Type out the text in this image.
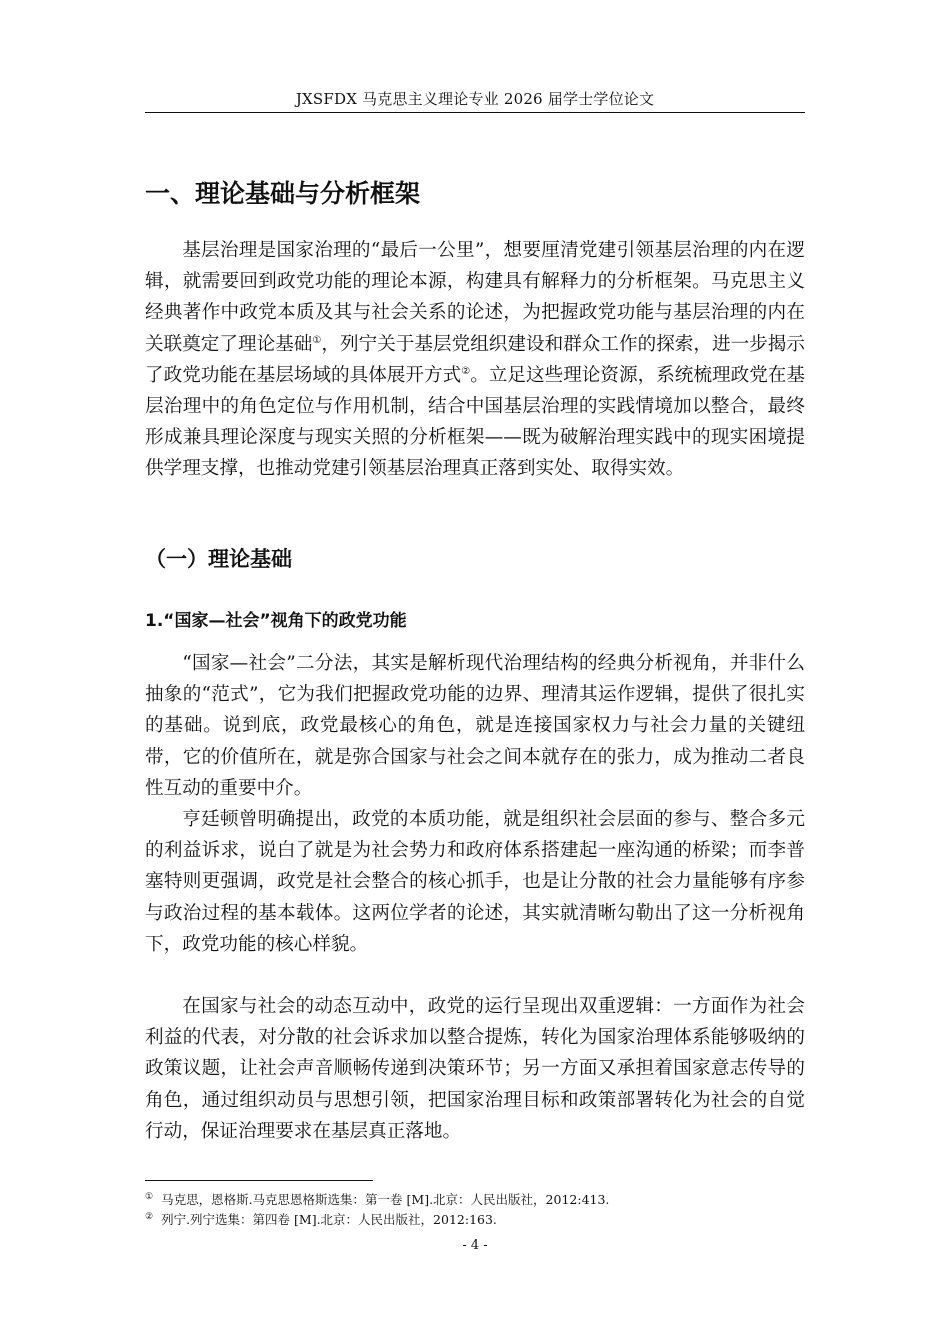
JXSFDX 马克思主义理论专业 2026 届学士学位论文
一、理论基础与分析框架

基层治理是国家治理的“最后一公里”，想要厘清党建引领基层治理的内在逻辑，就需要回到政党功能的理论本源，构建具有解释力的分析框架。马克思主义经典著作中政党本质及其与社会关系的论述，为把握政党功能与基层治理的内在关联奠定了理论基础①，列宁关于基层党组织建设和群众工作的探索，进一步揭示了政党功能在基层场域的具体展开方式②。立足这些理论资源，系统梳理政党在基层治理中的角色定位与作用机制，结合中国基层治理的实践情境加以整合，最终形成兼具理论深度与现实关照的分析框架——既为破解治理实践中的现实困境提供学理支撑，也推动党建引领基层治理真正落到实处、取得实效。

（一）理论基础
1.“国家—社会”视角下的政党功能

“国家—社会”二分法，其实是解析现代治理结构的经典分析视角，并非什么抽象的“范式”，它为我们把握政党功能的边界、理清其运作逻辑，提供了很扎实的基础。说到底，政党最核心的角色，就是连接国家权力与社会力量的关键纽带，它的价值所在，就是弥合国家与社会之间本就存在的张力，成为推动二者良性互动的重要中介。

亨廷顿曾明确提出，政党的本质功能，就是组织社会层面的参与、整合多元的利益诉求，说白了就是为社会势力和政府体系搭建起一座沟通的桥梁；而李普塞特则更强调，政党是社会整合的核心抓手，也是让分散的社会力量能够有序参与政治过程的基本载体。这两位学者的论述，其实就清晰勾勒出了这一分析视角下，政党功能的核心样貌。

在国家与社会的动态互动中，政党的运行呈现出双重逻辑：一方面作为社会利益的代表，对分散的社会诉求加以整合提炼，转化为国家治理体系能够吸纳的政策议题，让社会声音顺畅传递到决策环节；另一方面又承担着国家意志传导的角色，通过组织动员与思想引领，把国家治理目标和政策部署转化为社会的自觉行动，保证治理要求在基层真正落地。

① 马克思，恩格斯.马克思恩格斯选集：第一卷 [M].北京：人民出版社，2012:413.
② 列宁.列宁选集：第四卷 [M].北京：人民出版社，2012:163.
- 4 -
